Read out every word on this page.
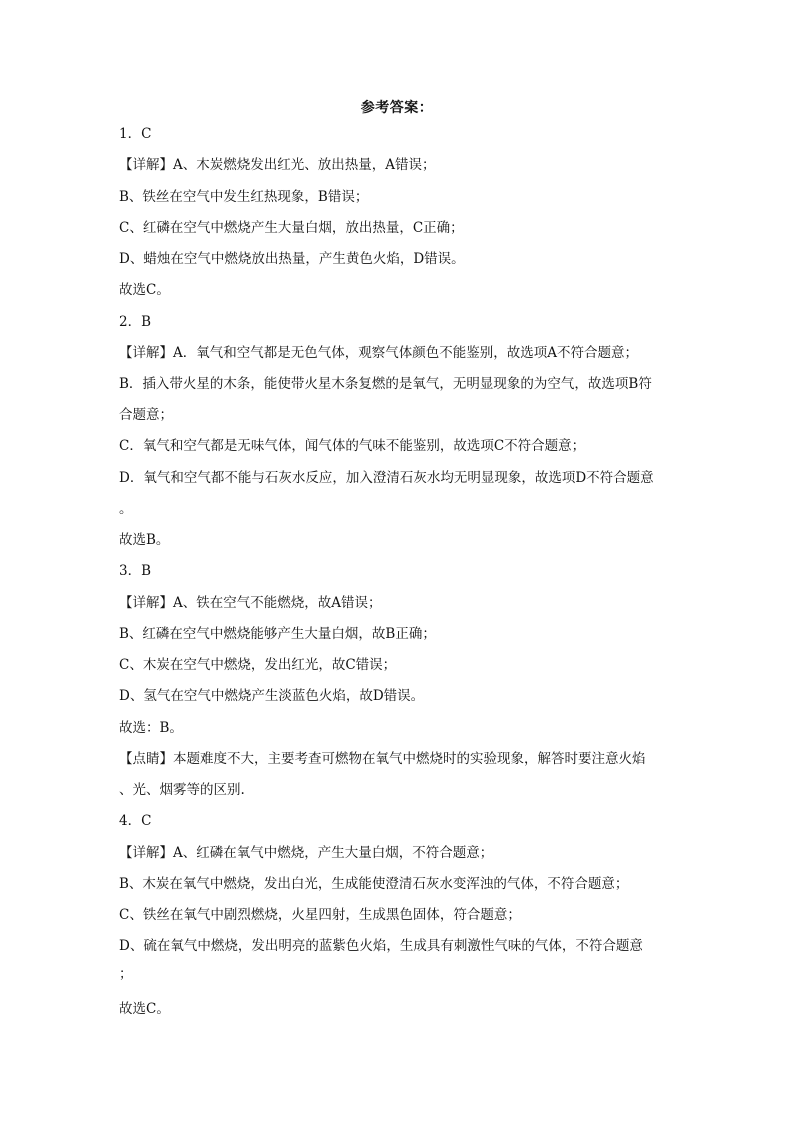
参考答案：
1．C
【详解】A、木炭燃烧发出红光、放出热量，A错误；
B、铁丝在空气中发生红热现象，B错误；
C、红磷在空气中燃烧产生大量白烟，放出热量，C正确；
D、蜡烛在空气中燃烧放出热量，产生黄色火焰，D错误。
故选C。
2．B
【详解】A．氧气和空气都是无色气体，观察气体颜色不能鉴别，故选项A不符合题意；
B．插入带火星的木条，能使带火星木条复燃的是氧气，无明显现象的为空气，故选项B符
合题意；
C．氧气和空气都是无味气体，闻气体的气味不能鉴别，故选项C不符合题意；
D．氧气和空气都不能与石灰水反应，加入澄清石灰水均无明显现象，故选项D不符合题意
。
故选B。
3．B
【详解】A、铁在空气不能燃烧，故A错误；
B、红磷在空气中燃烧能够产生大量白烟，故B正确；
C、木炭在空气中燃烧，发出红光，故C错误；
D、氢气在空气中燃烧产生淡蓝色火焰，故D错误。
故选：B。
【点睛】本题难度不大，主要考查可燃物在氧气中燃烧时的实验现象，解答时要注意火焰
、光、烟雾等的区别.
4．C
【详解】A、红磷在氧气中燃烧，产生大量白烟，不符合题意；
B、木炭在氧气中燃烧，发出白光，生成能使澄清石灰水变浑浊的气体，不符合题意；
C、铁丝在氧气中剧烈燃烧，火星四射，生成黑色固体，符合题意；
D、硫在氧气中燃烧，发出明亮的蓝紫色火焰，生成具有刺激性气味的气体，不符合题意
；
故选C。
